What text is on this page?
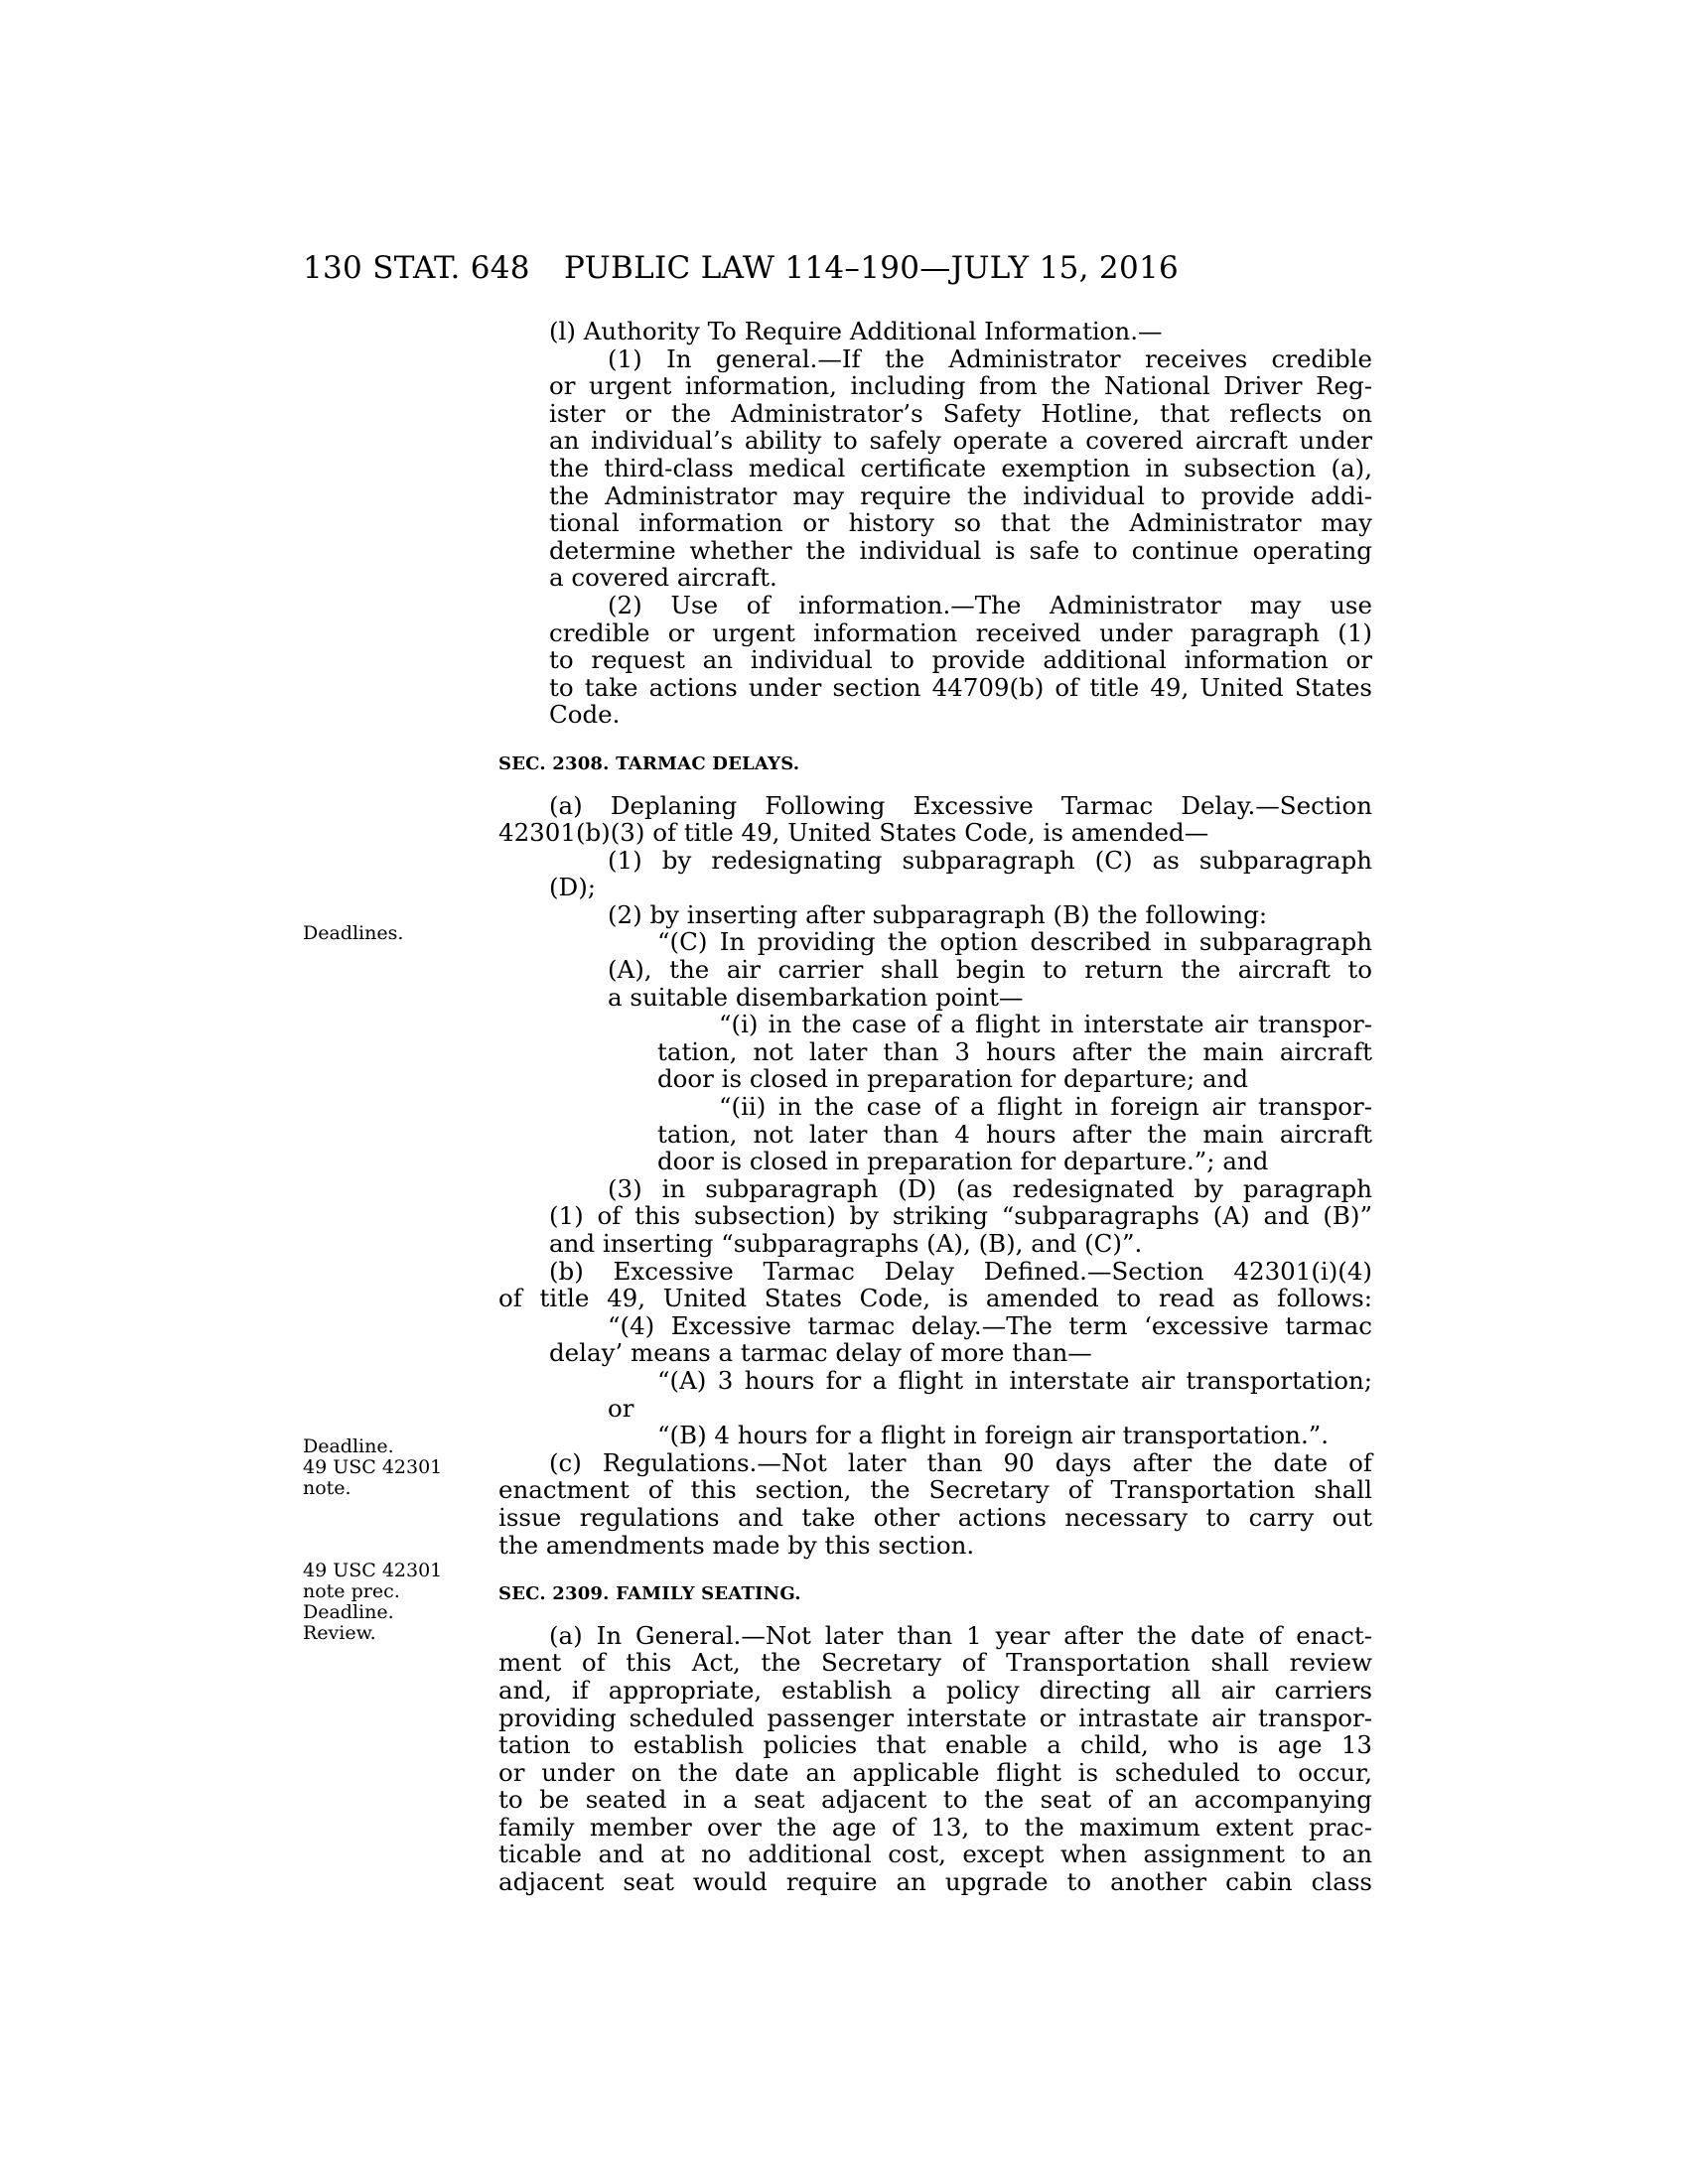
130 STAT. 648 PUBLIC LAW 114–190—JULY 15, 2016
Deadlines.
Deadline.
49 USC 42301
note.
49 USC 42301
note prec.
Deadline.
Review.
(l) Authority To Require Additional Information.—
(1) In general.—If the Administrator receives credible
or urgent information, including from the National Driver Reg-
ister or the Administrator’s Safety Hotline, that reflects on
an individual’s ability to safely operate a covered aircraft under
the third-class medical certificate exemption in subsection (a),
the Administrator may require the individual to provide addi-
tional information or history so that the Administrator may
determine whether the individual is safe to continue operating
a covered aircraft.
(2) Use of information.—The Administrator may use
credible or urgent information received under paragraph (1)
to request an individual to provide additional information or
to take actions under section 44709(b) of title 49, United States
Code.
SEC. 2308. TARMAC DELAYS.
(a) Deplaning Following Excessive Tarmac Delay.—Section
42301(b)(3) of title 49, United States Code, is amended—
(1) by redesignating subparagraph (C) as subparagraph
(D);
(2) by inserting after subparagraph (B) the following:
“(C) In providing the option described in subparagraph
(A), the air carrier shall begin to return the aircraft to
a suitable disembarkation point—
“(i) in the case of a flight in interstate air transpor-
tation, not later than 3 hours after the main aircraft
door is closed in preparation for departure; and
“(ii) in the case of a flight in foreign air transpor-
tation, not later than 4 hours after the main aircraft
door is closed in preparation for departure.”; and
(3) in subparagraph (D) (as redesignated by paragraph
(1) of this subsection) by striking “subparagraphs (A) and (B)”
and inserting “subparagraphs (A), (B), and (C)”.
(b) Excessive Tarmac Delay Defined.—Section 42301(i)(4)
of title 49, United States Code, is amended to read as follows:
“(4) Excessive tarmac delay.—The term ‘excessive tarmac
delay’ means a tarmac delay of more than—
“(A) 3 hours for a flight in interstate air transportation;
or
“(B) 4 hours for a flight in foreign air transportation.”.
(c) Regulations.—Not later than 90 days after the date of
enactment of this section, the Secretary of Transportation shall
issue regulations and take other actions necessary to carry out
the amendments made by this section.
SEC. 2309. FAMILY SEATING.
(a) In General.—Not later than 1 year after the date of enact-
ment of this Act, the Secretary of Transportation shall review
and, if appropriate, establish a policy directing all air carriers
providing scheduled passenger interstate or intrastate air transpor-
tation to establish policies that enable a child, who is age 13
or under on the date an applicable flight is scheduled to occur,
to be seated in a seat adjacent to the seat of an accompanying
family member over the age of 13, to the maximum extent prac-
ticable and at no additional cost, except when assignment to an
adjacent seat would require an upgrade to another cabin class
